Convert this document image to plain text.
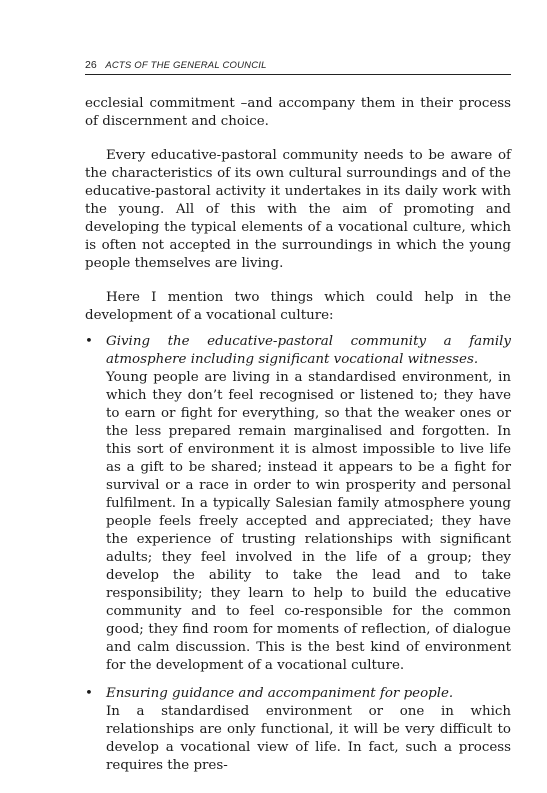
26 ACTS OF THE GENERAL COUNCIL

ecclesial commitment –and accompany them in their process of discernment and choice.

Every educative-pastoral community needs to be aware of the characteristics of its own cultural surroundings and of the educative-pastoral activity it undertakes in its daily work with the young. All of this with the aim of promoting and developing the typical elements of a vocational culture, which is often not accepted in the surroundings in which the young people themselves are living.

Here I mention two things which could help in the development of a vocational culture:

• Giving the educative-pastoral community a family atmosphere including significant vocational witnesses.
Young people are living in a standardised environment, in which they don’t feel recognised or listened to; they have to earn or fight for everything, so that the weaker ones or the less prepared remain marginalised and forgotten. In this sort of environment it is almost impossible to live life as a gift to be shared; instead it appears to be a fight for survival or a race in order to win prosperity and personal fulfilment. In a typically Salesian family atmosphere young people feels freely accepted and appreciated; they have the experience of trusting relationships with significant adults; they feel involved in the life of a group; they develop the ability to take the lead and to take responsibility; they learn to help to build the educative community and to feel co-responsible for the common good; they find room for moments of reflection, of dialogue and calm discussion. This is the best kind of environment for the development of a vocational culture.
• Ensuring guidance and accompaniment for people.
In a standardised environment or one in which relationships are only functional, it will be very difficult to develop a vocational view of life. In fact, such a process requires the pres-
